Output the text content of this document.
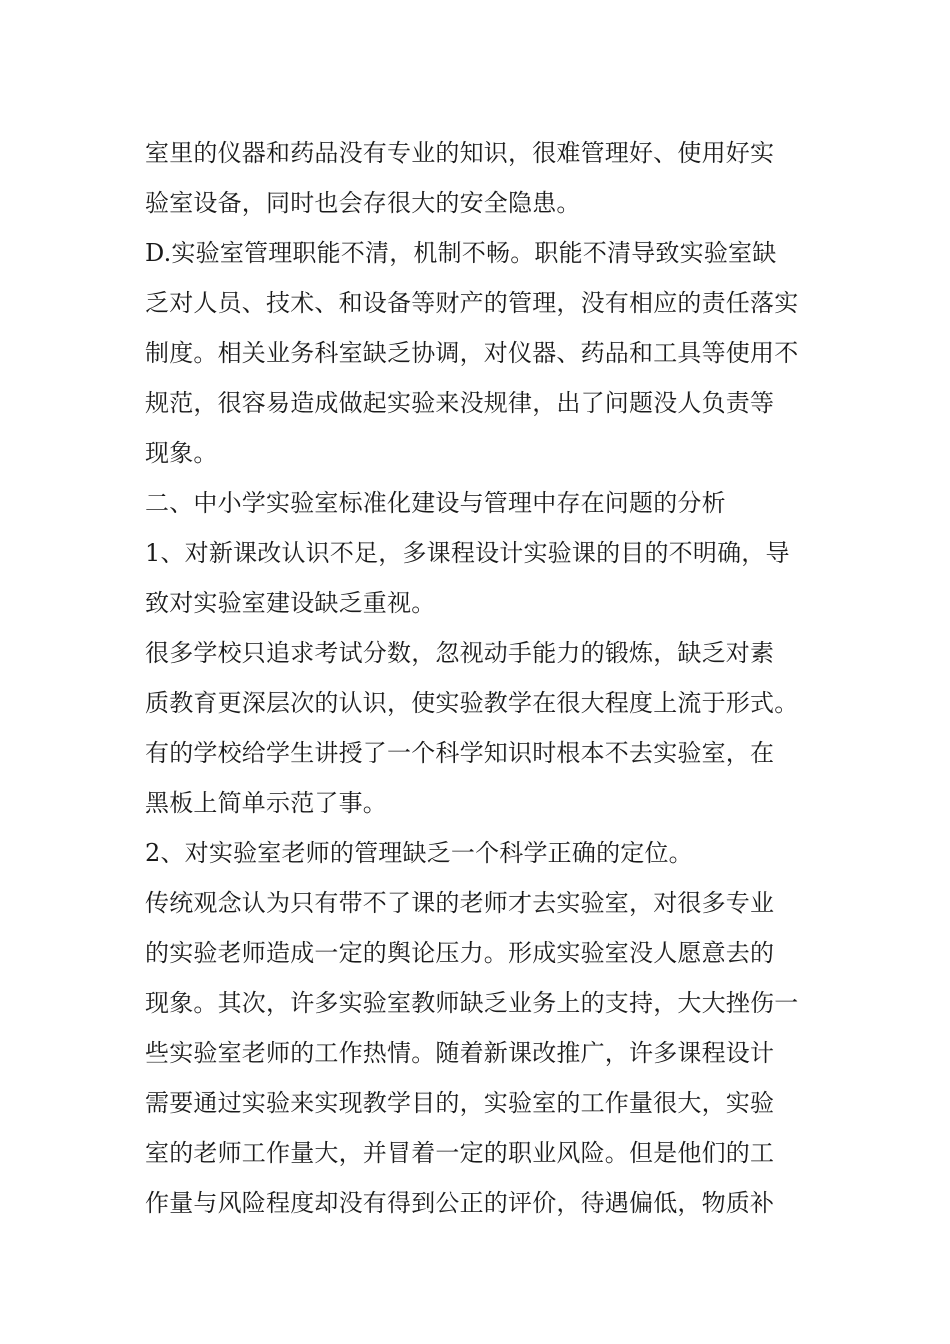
室里的仪器和药品没有专业的知识，很难管理好、使用好实
验室设备，同时也会存很大的安全隐患。
D.实验室管理职能不清，机制不畅。职能不清导致实验室缺
乏对人员、技术、和设备等财产的管理，没有相应的责任落实
制度。相关业务科室缺乏协调，对仪器、药品和工具等使用不
规范，很容易造成做起实验来没规律，出了问题没人负责等
现象。
二、中小学实验室标准化建设与管理中存在问题的分析
1、对新课改认识不足，多课程设计实验课的目的不明确，导
致对实验室建设缺乏重视。
很多学校只追求考试分数，忽视动手能力的锻炼，缺乏对素
质教育更深层次的认识，使实验教学在很大程度上流于形式。
有的学校给学生讲授了一个科学知识时根本不去实验室，在
黑板上简单示范了事。
2、对实验室老师的管理缺乏一个科学正确的定位。
传统观念认为只有带不了课的老师才去实验室，对很多专业
的实验老师造成一定的舆论压力。形成实验室没人愿意去的
现象。其次，许多实验室教师缺乏业务上的支持，大大挫伤一
些实验室老师的工作热情。随着新课改推广，许多课程设计
需要通过实验来实现教学目的，实验室的工作量很大，实验
室的老师工作量大，并冒着一定的职业风险。但是他们的工
作量与风险程度却没有得到公正的评价，待遇偏低，物质补
